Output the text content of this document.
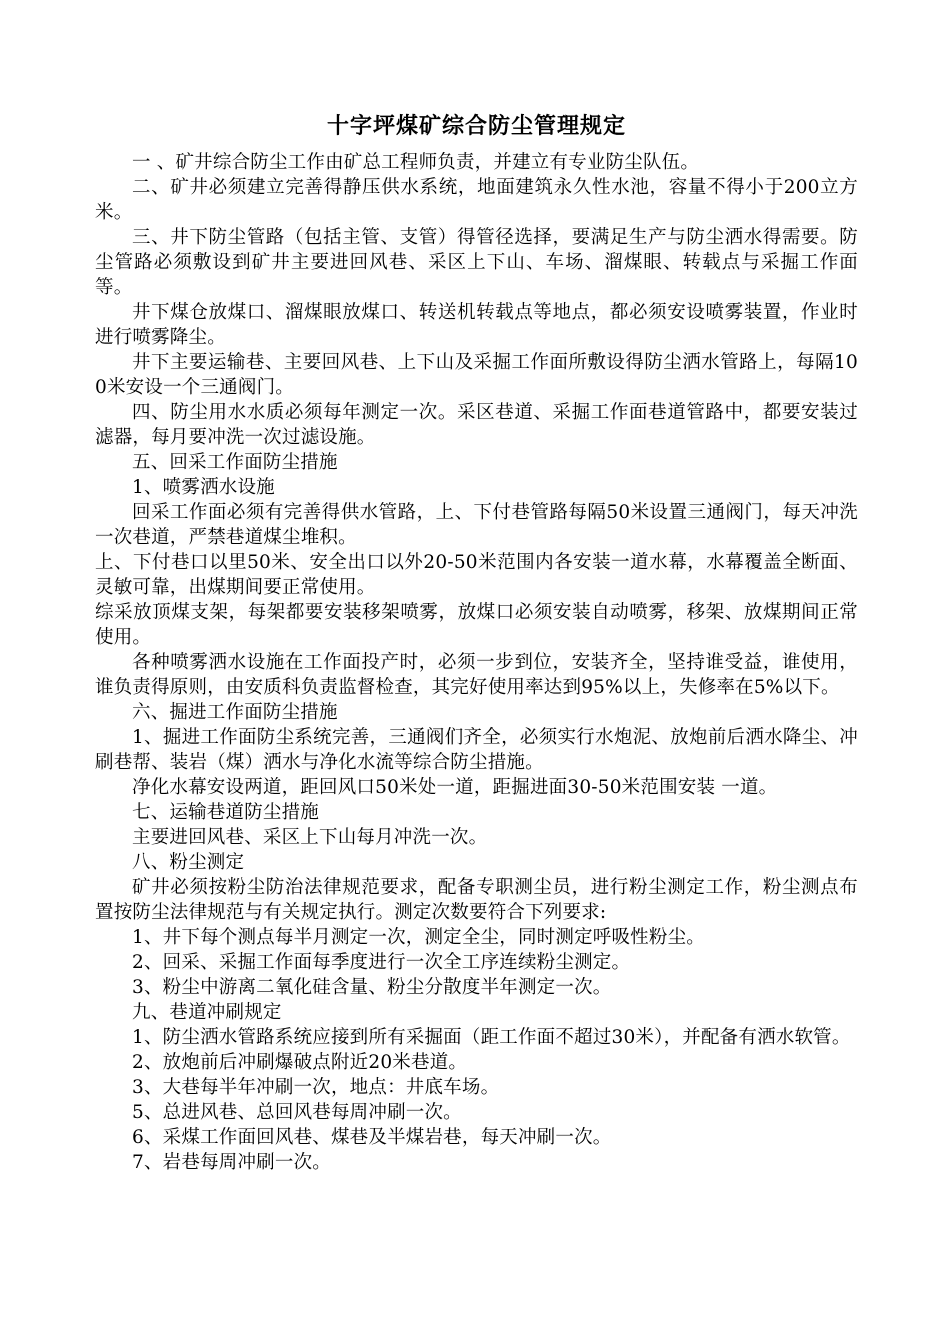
十字坪煤矿综合防尘管理规定

一 、矿井综合防尘工作由矿总工程师负责，并建立有专业防尘队伍。

二、矿井必须建立完善得静压供水系统，地面建筑永久性水池，容量不得小于200立方米。

三、井下防尘管路（包括主管、支管）得管径选择，要满足生产与防尘洒水得需要。防尘管路必须敷设到矿井主要进回风巷、采区上下山、车场、溜煤眼、转载点与采掘工作面等。

井下煤仓放煤口、溜煤眼放煤口、转送机转载点等地点，都必须安设喷雾装置，作业时进行喷雾降尘。

井下主要运输巷、主要回风巷、上下山及采掘工作面所敷设得防尘洒水管路上，每隔100米安设一个三通阀门。

四、防尘用水水质必须每年测定一次。采区巷道、采掘工作面巷道管路中，都要安装过滤器，每月要冲洗一次过滤设施。

五、回采工作面防尘措施

1、喷雾洒水设施

回采工作面必须有完善得供水管路，上、下付巷管路每隔50米设置三通阀门，每天冲洗一次巷道，严禁巷道煤尘堆积。

上、下付巷口以里50米、安全出口以外20-50米范围内各安装一道水幕，水幕覆盖全断面、灵敏可靠，出煤期间要正常使用。

综采放顶煤支架，每架都要安装移架喷雾，放煤口必须安装自动喷雾，移架、放煤期间正常使用。

各种喷雾洒水设施在工作面投产时，必须一步到位，安装齐全，坚持谁受益，谁使用，谁负责得原则，由安质科负责监督检查，其完好使用率达到95%以上，失修率在5%以下。

六、掘进工作面防尘措施

1、掘进工作面防尘系统完善，三通阀们齐全，必须实行水炮泥、放炮前后洒水降尘、冲刷巷帮、装岩（煤）洒水与净化水流等综合防尘措施。

净化水幕安设两道，距回风口50米处一道，距掘进面30-50米范围安装 一道。

七、运输巷道防尘措施

主要进回风巷、采区上下山每月冲洗一次。

八、粉尘测定

矿井必须按粉尘防治法律规范要求，配备专职测尘员，进行粉尘测定工作，粉尘测点布置按防尘法律规范与有关规定执行。测定次数要符合下列要求:

1、井下每个测点每半月测定一次，测定全尘，同时测定呼吸性粉尘。

2、回采、采掘工作面每季度进行一次全工序连续粉尘测定。

3、粉尘中游离二氧化硅含量、粉尘分散度半年测定一次。

九、巷道冲刷规定

1、防尘洒水管路系统应接到所有采掘面（距工作面不超过30米），并配备有洒水软管。

2、放炮前后冲刷爆破点附近20米巷道。

3、大巷每半年冲刷一次，地点：井底车场。

5、总进风巷、总回风巷每周冲刷一次。

6、采煤工作面回风巷、煤巷及半煤岩巷，每天冲刷一次。

7、岩巷每周冲刷一次。
